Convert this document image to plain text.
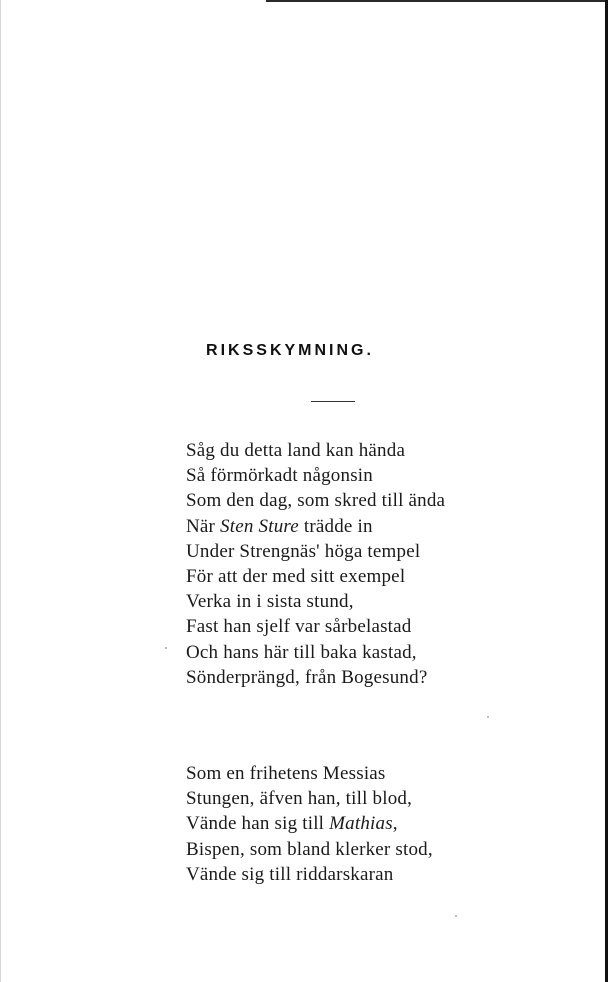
RIKSSKYMNING.
Såg du detta land kan hända
Så förmörkadt någonsin
Som den dag, som skred till ända
När Sten Sture trädde in
Under Strengnäs' höga tempel
För att der med sitt exempel
Verka in i sista stund,
Fast han sjelf var sårbelastad
Och hans här till baka kastad,
Sönderprängd, från Bogesund?
Som en frihetens Messias
Stungen, äfven han, till blod,
Vände han sig till Mathias,
Bispen, som bland klerker stod,
Vände sig till riddarskaran
